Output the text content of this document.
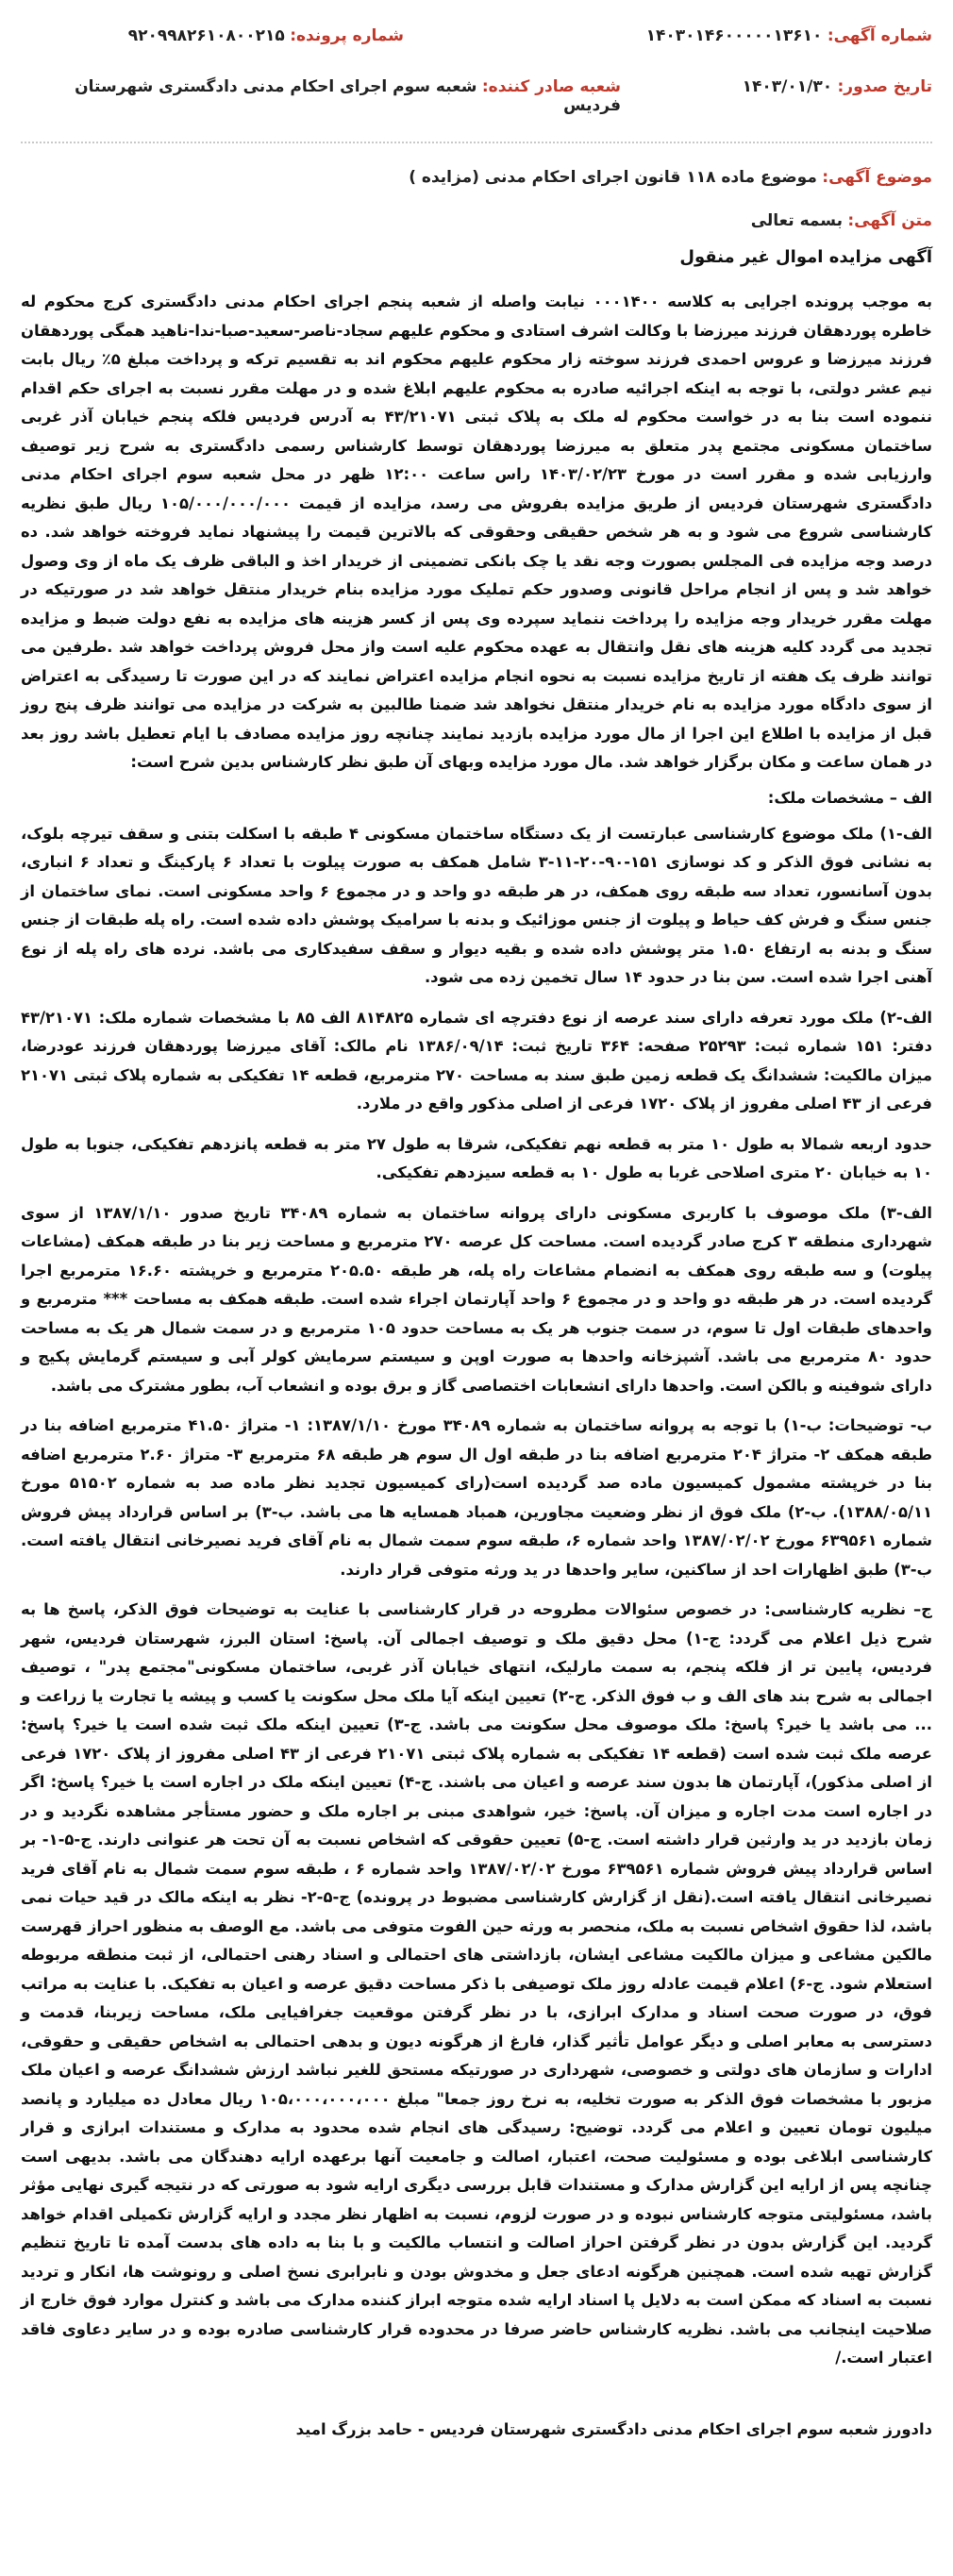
شماره آگهی: ۱۴۰۳۰۱۴۶۰۰۰۰۰۱۳۶۱۰
شماره پرونده: ۹۲۰۹۹۸۲۶۱۰۸۰۰۲۱۵
تاریخ صدور: ۱۴۰۳/۰۱/۳۰
شعبه صادر کننده: شعبه سوم اجرای احکام مدنی دادگستری شهرستان فردیس
موضوع آگهی: موضوع ماده ۱۱۸ قانون اجرای احکام مدنی (مزایده )
متن آگهی: بسمه تعالی
آگهی مزایده اموال غیر منقول

به موجب پرونده اجرایی به کلاسه ۰۰۰۱۴۰۰ نیابت واصله از شعبه پنجم اجرای احکام مدنی دادگستری کرج محکوم له خاطره پوردهقان فرزند میرزضا با وکالت اشرف استادی و محکوم علیهم سجاد-ناصر-سعید-صبا-ندا-ناهید همگی پوردهقان فرزند میرزضا و عروس احمدی فرزند سوخته زار محکوم علیهم محکوم اند به تقسیم ترکه و پرداخت مبلغ ۵٪ ریال بابت نیم عشر دولتی، با توجه به اینکه اجرائیه صادره به محکوم علیهم ابلاغ شده و در مهلت مقرر نسبت به اجرای حکم اقدام ننموده است بنا به در خواست محکوم له ملک به پلاک ثبتی ۴۳/۲۱۰۷۱ به آدرس فردیس فلکه پنجم خیابان آذر غربی ساختمان مسکونی مجتمع پدر متعلق به میرزضا پوردهقان توسط کارشناس رسمی دادگستری به شرح زیر توصیف وارزیابی شده و مقرر است در مورخ ۱۴۰۳/۰۲/۲۳ راس ساعت ۱۲:۰۰ ظهر در محل شعبه سوم اجرای احکام مدنی دادگستری شهرستان فردیس از طریق مزایده بفروش می رسد، مزایده از قیمت ۱۰۵/۰۰۰/۰۰۰/۰۰۰ ریال طبق نظریه کارشناسی شروع می شود و به هر شخص حقیقی وحقوقی که بالاترین قیمت را پیشنهاد نماید فروخته خواهد شد. ده درصد وجه مزایده فی المجلس بصورت وجه نقد یا چک بانکی تضمینی از خریدار اخذ و الباقی ظرف یک ماه از وی وصول خواهد شد و پس از انجام مراحل قانونی وصدور حکم تملیک مورد مزایده بنام خریدار منتقل خواهد شد در صورتیکه در مهلت مقرر خریدار وجه مزایده را پرداخت ننماید سپرده وی پس از کسر هزینه های مزایده به نفع دولت ضبط و مزایده تجدید می گردد کلیه هزینه های نقل وانتقال به عهده محکوم علیه است واز محل فروش پرداخت خواهد شد .طرفین می توانند ظرف یک هفته از تاریخ مزایده نسبت به نحوه انجام مزایده اعتراض نمایند که در این صورت تا رسیدگی به اعتراض از سوی دادگاه مورد مزایده به نام خریدار منتقل نخواهد شد ضمنا طالبین به شرکت در مزایده می توانند ظرف پنج روز قبل از مزایده با اطلاع این اجرا از مال مورد مزایده بازدید نمایند چنانچه روز مزایده مصادف با ایام تعطیل باشد روز بعد در همان ساعت و مکان برگزار خواهد شد. مال مورد مزایده وبهای آن طبق نظر کارشناس بدین شرح است:

الف – مشخصات ملک:

الف-۱) ملک موضوع کارشناسی عبارتست از یک دستگاه ساختمان مسکونی ۴ طبقه با اسکلت بتنی و سقف تیرچه بلوک، به نشانی فوق الذکر و کد نوسازی ۱۵۱-۹۰-۲۰-۱۱-۳ شامل همکف به صورت پیلوت با تعداد ۶ پارکینگ و تعداد ۶ انباری، بدون آسانسور، تعداد سه طبقه روی همکف، در هر طبقه دو واحد و در مجموع ۶ واحد مسکونی است. نمای ساختمان از جنس سنگ و فرش کف حیاط و پیلوت از جنس موزائیک و بدنه با سرامیک پوشش داده شده است. راه پله طبقات از جنس سنگ و بدنه به ارتفاع ۱.۵۰ متر پوشش داده شده و بقیه دیوار و سقف سفیدکاری می باشد. نرده های راه پله از نوع آهنی اجرا شده است. سن بنا در حدود ۱۴ سال تخمین زده می شود.

الف-۲) ملک مورد تعرفه دارای سند عرصه از نوع دفترچه ای شماره ۸۱۴۸۲۵ الف ۸۵ با مشخصات شماره ملک: ۴۳/۲۱۰۷۱ دفتر: ۱۵۱ شماره ثبت: ۲۵۲۹۳ صفحه: ۳۶۴ تاریخ ثبت: ۱۳۸۶/۰۹/۱۴ نام مالک: آقای میرزضا پوردهقان فرزند عودرضا، میزان مالکیت: ششدانگ یک قطعه زمین طبق سند به مساحت ۲۷۰ مترمربع، قطعه ۱۴ تفکیکی به شماره پلاک ثبتی ۲۱۰۷۱ فرعی از ۴۳ اصلی مفروز از پلاک ۱۷۲۰ فرعی از اصلی مذکور واقع در ملارد.

حدود اربعه شمالا به طول ۱۰ متر به قطعه نهم تفکیکی، شرقا به طول ۲۷ متر به قطعه پانزدهم تفکیکی، جنوبا به طول ۱۰ به خیابان ۲۰ متری اصلاحی غربا به طول ۱۰ به قطعه سیزدهم تفکیکی.

الف-۳) ملک موصوف با کاربری مسکونی دارای پروانه ساختمان به شماره ۳۴۰۸۹ تاریخ صدور ۱۳۸۷/۱/۱۰ از سوی شهرداری منطقه ۳ کرج صادر گردیده است. مساحت کل عرصه ۲۷۰ مترمربع و مساحت زیر بنا در طبقه همکف (مشاعات پیلوت) و سه طبقه روی همکف به انضمام مشاعات راه پله، هر طبقه ۲۰۵.۵۰ مترمربع و خرپشته ۱۶.۶۰ مترمربع اجرا گردیده است. در هر طبقه دو واحد و در مجموع ۶ واحد آپارتمان اجراء شده است. طبقه همکف به مساحت *** مترمربع و واحدهای طبقات اول تا سوم، در سمت جنوب هر یک به مساحت حدود ۱۰۵ مترمربع و در سمت شمال هر یک به مساحت حدود ۸۰ مترمربع می باشد. آشپزخانه واحدها به صورت اوپن و سیستم سرمایش کولر آبی و سیستم گرمایش پکیج و دارای شوفینه و بالکن است. واحدها دارای انشعابات اختصاصی گاز و برق بوده و انشعاب آب، بطور مشترک می باشد.

ب- توضیحات: ب-۱) با توجه به پروانه ساختمان به شماره ۳۴۰۸۹ مورخ ۱۳۸۷/۱/۱۰: ۱- متراژ ۴۱.۵۰ مترمربع اضافه بنا در طبقه همکف ۲- متراژ ۲۰۴ مترمربع اضافه بنا در طبقه اول ال سوم هر طبقه ۶۸ مترمربع ۳- متراژ ۲.۶۰ مترمربع اضافه بنا در خرپشته مشمول کمیسیون ماده صد گردیده است(رای کمیسیون تجدید نظر ماده صد به شماره ۵۱۵۰۲ مورخ ۱۳۸۸/۰۵/۱۱). ب-۲) ملک فوق از نظر وضعیت مجاورین، همباد همسایه ها می باشد. ب-۳) بر اساس قرارداد پیش فروش شماره ۶۳۹۵۶۱ مورخ ۱۳۸۷/۰۲/۰۲ واحد شماره ۶، طبقه سوم سمت شمال به نام آقای فرید نصیرخانی انتقال یافته است. ب-۳) طبق اظهارات احد از ساکنین، سایر واحدها در ید ورثه متوفی قرار دارند.

ج– نظریه کارشناسی: در خصوص سئوالات مطروحه در قرار کارشناسی با عنایت به توضیحات فوق الذکر، پاسخ ها به شرح ذیل اعلام می گردد: ج-۱) محل دقیق ملک و توصیف اجمالی آن. پاسخ: استان البرز، شهرستان فردیس، شهر فردیس، پایین تر از فلکه پنجم، به سمت مارلیک، انتهای خیابان آذر غربی، ساختمان مسکونی"مجتمع پدر" ، توصیف اجمالی به شرح بند های الف و ب فوق الذکر. ج-۲) تعیین اینکه آیا ملک محل سکونت یا کسب و پیشه یا تجارت یا زراعت و ... می باشد یا خیر؟ پاسخ: ملک موصوف محل سکونت می باشد. ج-۳) تعیین اینکه ملک ثبت شده است یا خیر؟ پاسخ: عرصه ملک ثبت شده است (قطعه ۱۴ تفکیکی به شماره پلاک ثبتی ۲۱۰۷۱ فرعی از ۴۳ اصلی مفروز از پلاک ۱۷۲۰ فرعی از اصلی مذکور)، آپارتمان ها بدون سند عرصه و اعیان می باشند. ج-۴) تعیین اینکه ملک در اجاره است یا خیر؟ پاسخ: اگر در اجاره است مدت اجاره و میزان آن. پاسخ: خیر، شواهدی مبنی بر اجاره ملک و حضور مستأجر مشاهده نگردید و در زمان بازدید در ید وارثین قرار داشته است. ج-۵) تعیین حقوقی که اشخاص نسبت به آن تحت هر عنوانی دارند. ج-۵-۱- بر اساس قرارداد پیش فروش شماره ۶۳۹۵۶۱ مورخ ۱۳۸۷/۰۲/۰۲ واحد شماره ۶ ، طبقه سوم سمت شمال به نام آقای فرید نصیرخانی انتقال یافته است.(نقل از گزارش کارشناسی مضبوط در پرونده) ج-۵-۲- نظر به اینکه مالک در قید حیات نمی باشد، لذا حقوق اشخاص نسبت به ملک، منحصر به ورثه حین الفوت متوفی می باشد. مع الوصف به منظور احراز قهرست مالکین مشاعی و میزان مالکیت مشاعی ایشان، بازداشتی های احتمالی و اسناد رهنی احتمالی، از ثبت منطقه مربوطه استعلام شود. ج-۶) اعلام قیمت عادله روز ملک توصیفی با ذکر مساحت دقیق عرصه و اعیان به تفکیک. با عنایت به مراتب فوق، در صورت صحت اسناد و مدارک ابرازی، با در نظر گرفتن موقعیت جغرافیایی ملک، مساحت زیربنا، قدمت و دسترسی به معابر اصلی و دیگر عوامل تأثیر گذار، فارغ از هرگونه دیون و بدهی احتمالی به اشخاص حقیقی و حقوقی، ادارات و سازمان های دولتی و خصوصی، شهرداری در صورتیکه مستحق للغیر نباشد ارزش ششدانگ عرصه و اعیان ملک مزبور با مشخصات فوق الذکر به صورت تخلیه، به نرخ روز جمعا" مبلغ ۱۰۵،۰۰۰،۰۰۰،۰۰۰ ریال معادل ده میلیارد و پانصد میلیون تومان تعیین و اعلام می گردد. توضیح: رسیدگی های انجام شده محدود به مدارک و مستندات ابرازی و قرار کارشناسی ابلاغی بوده و مسئولیت صحت، اعتبار، اصالت و جامعیت آنها برعهده ارایه دهندگان می باشد. بدیهی است چنانچه پس از ارایه این گزارش مدارک و مستندات قابل بررسی دیگری ارایه شود به صورتی که در نتیجه گیری نهایی مؤثر باشد، مسئولیتی متوجه کارشناس نبوده و در صورت لزوم، نسبت به اظهار نظر مجدد و ارایه گزارش تکمیلی اقدام خواهد گردید. این گزارش بدون در نظر گرفتن احراز اصالت و انتساب مالکیت و با بنا به داده های بدست آمده تا تاریخ تنظیم گزارش تهیه شده است. همچنین هرگونه ادعای جعل و مخدوش بودن و نابرابری نسخ اصلی و رونوشت ها، انکار و تردید نسبت به اسناد که ممکن است به دلایل پا اسناد ارایه شده متوجه ابراز کننده مدارک می باشد و کنترل موارد فوق خارج از صلاحیت اینجانب می باشد. نظریه کارشناس حاضر صرفا در محدوده قرار کارشناسی صادره بوده و در سایر دعاوی فاقد اعتبار است./

دادورز شعبه سوم اجرای احکام مدنی دادگستری شهرستان فردیس - حامد بزرگ امید
